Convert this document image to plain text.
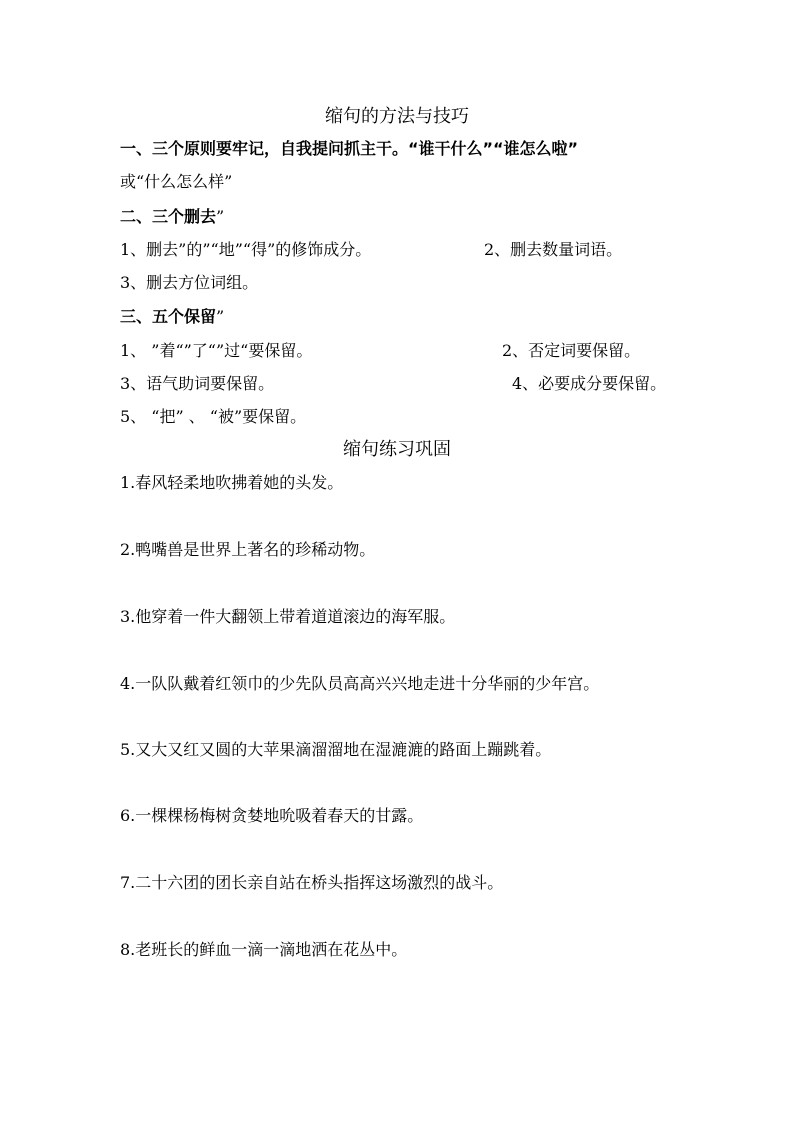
缩句的方法与技巧
一、三个原则要牢记，自我提问抓主干。“谁干什么”“谁怎么啦”
或“什么怎么样”
二、三个删去”
1、删去”的”“地”“得”的修饰成分。	2、删去数量词语。
3、删去方位词组。
三、五个保留”
1、 ”着“”了“”过“要保留。	2、否定词要保留。
3、语气助词要保留。	4、必要成分要保留。
5、 “把” 、 “被”要保留。
缩句练习巩固
1.春风轻柔地吹拂着她的头发。
2.鸭嘴兽是世界上著名的珍稀动物。
3.他穿着一件大翻领上带着道道滚边的海军服。
4.一队队戴着红领巾的少先队员高高兴兴地走进十分华丽的少年宫。
5.又大又红又圆的大苹果滴溜溜地在湿漉漉的路面上蹦跳着。
6.一棵棵杨梅树贪婪地吮吸着春天的甘露。
7.二十六团的团长亲自站在桥头指挥这场激烈的战斗。
8.老班长的鲜血一滴一滴地洒在花丛中。
